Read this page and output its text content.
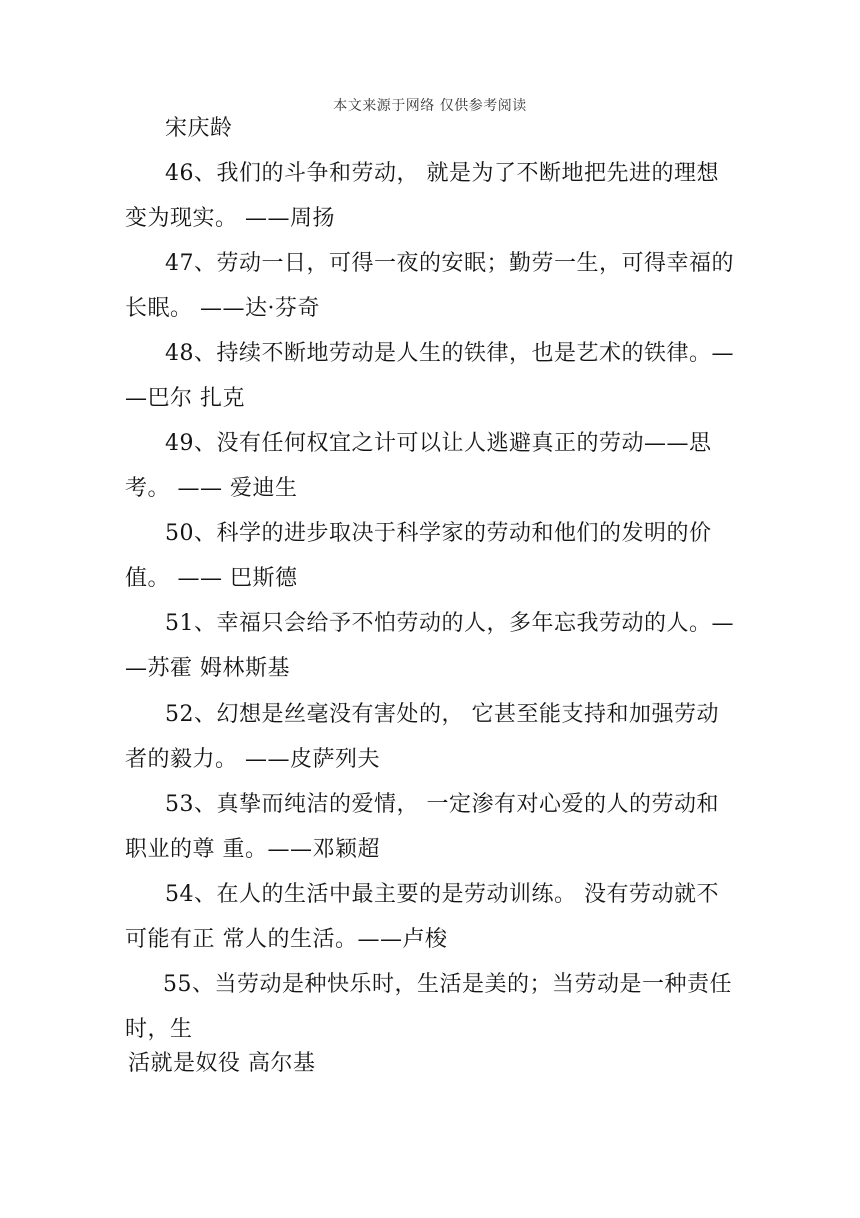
本文来源于网络 仅供参考阅读
宋庆龄
46、我们的斗争和劳动， 就是为了不断地把先进的理想
变为现实。 ——周扬
47、劳动一日，可得一夜的安眠；勤劳一生，可得幸福的
长眠。 ——达·芬奇
48、持续不断地劳动是人生的铁律，也是艺术的铁律。—
—巴尔 扎克
49、没有任何权宜之计可以让人逃避真正的劳动——思
考。 —— 爱迪生
50、科学的进步取决于科学家的劳动和他们的发明的价
值。 —— 巴斯德
51、幸福只会给予不怕劳动的人，多年忘我劳动的人。—
—苏霍 姆林斯基
52、幻想是丝毫没有害处的， 它甚至能支持和加强劳动
者的毅力。 ——皮萨列夫
53、真挚而纯洁的爱情， 一定渗有对心爱的人的劳动和
职业的尊 重。——邓颖超
54、在人的生活中最主要的是劳动训练。 没有劳动就不
可能有正 常人的生活。——卢梭
55、当劳动是种快乐时，生活是美的；当劳动是一种责任
时，生
活就是奴役 高尔基
